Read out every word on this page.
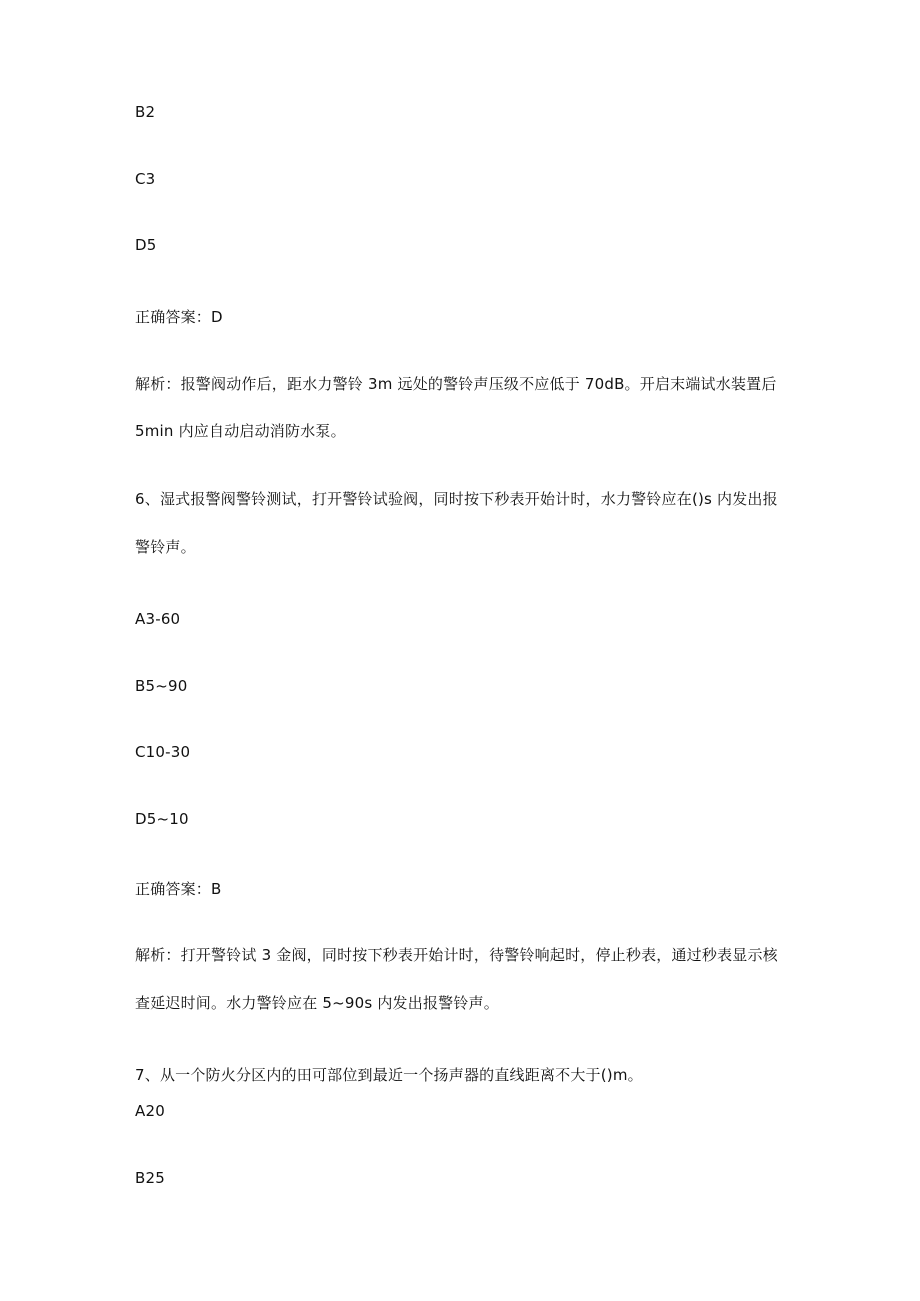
B2

C3

D5

正确答案：D

解析：报警阀动作后，距水力警铃 3m 远处的警铃声压级不应低于 70dB。开启末端试水装置后

5min 内应自动启动消防水泵。

6、湿式报警阀警铃测试，打开警铃试验阀，同时按下秒表开始计时，水力警铃应在()s 内发出报

警铃声。

A3-60

B5~90

C10-30

D5~10

正确答案：B

解析：打开警铃试 3 金阀，同时按下秒表开始计时，待警铃响起时，停止秒表，通过秒表显示核

查延迟时间。水力警铃应在 5~90s 内发出报警铃声。

7、从一个防火分区内的田可部位到最近一个扬声器的直线距离不大于()m。

A20

B25
